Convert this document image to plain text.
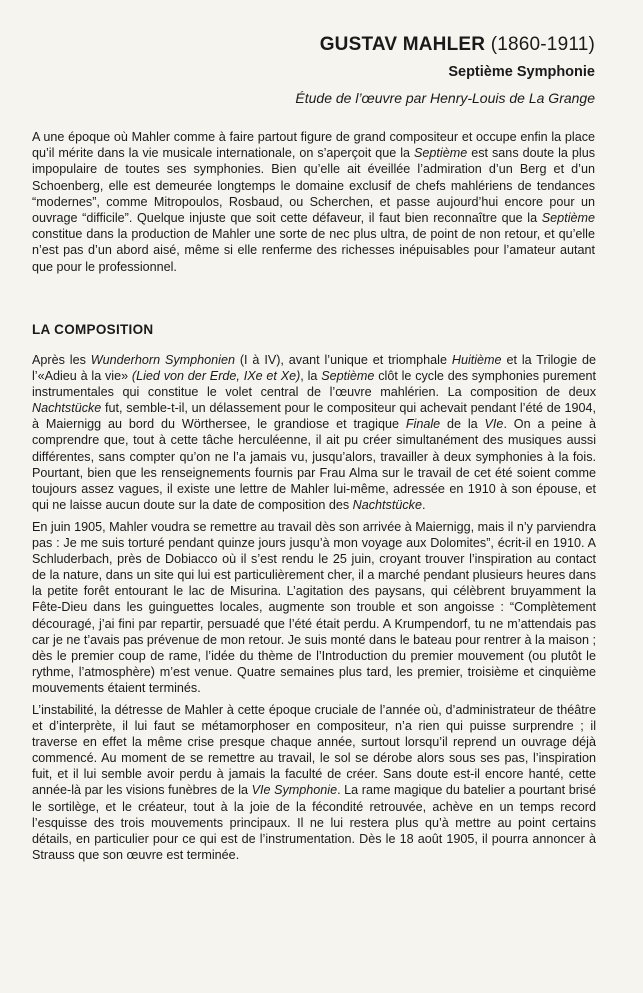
GUSTAV MAHLER (1860-1911)
Septième Symphonie
Étude de l’œuvre par Henry-Louis de La Grange

A une époque où Mahler comme à faire partout figure de grand compositeur et occupe enfin la place qu’il mérite dans la vie musicale internationale, on s’aperçoit que la Septième est sans doute la plus impopulaire de toutes ses symphonies. Bien qu’elle ait éveillée l’admiration d’un Berg et d’un Schoenberg, elle est demeurée longtemps le domaine exclusif de chefs mahlériens de tendances “modernes”, comme Mitropoulos, Rosbaud, ou Scherchen, et passe aujourd’hui encore pour un ouvrage “difficile”. Quelque injuste que soit cette défaveur, il faut bien reconnaître que la Septième constitue dans la production de Mahler une sorte de nec plus ultra, de point de non retour, et qu’elle n’est pas d’un abord aisé, même si elle renferme des richesses inépuisables pour l’amateur autant que pour le professionnel.

LA COMPOSITION

Après les Wunderhorn Symphonien (I à IV), avant l’unique et triomphale Huitième et la Trilogie de l’«Adieu à la vie» (Lied von der Erde, IXe et Xe), la Septième clôt le cycle des symphonies purement instrumentales qui constitue le volet central de l’œuvre mahlérien. La composition de deux Nachtstücke fut, semble-t-il, un délassement pour le compositeur qui achevait pendant l’été de 1904, à Maiernigg au bord du Wörthersee, le grandiose et tragique Finale de la VIe. On a peine à comprendre que, tout à cette tâche herculéenne, il ait pu créer simultanément des musiques aussi différentes, sans compter qu’on ne l’a jamais vu, jusqu’alors, travailler à deux symphonies à la fois. Pourtant, bien que les renseignements fournis par Frau Alma sur le travail de cet été soient comme toujours assez vagues, il existe une lettre de Mahler lui-même, adressée en 1910 à son épouse, et qui ne laisse aucun doute sur la date de composition des Nachtstücke.

En juin 1905, Mahler voudra se remettre au travail dès son arrivée à Maiernigg, mais il n’y parviendra pas : Je me suis torturé pendant quinze jours jusqu’à mon voyage aux Dolomites”, écrit-il en 1910. A Schluderbach, près de Dobiacco où il s’est rendu le 25 juin, croyant trouver l’inspiration au contact de la nature, dans un site qui lui est particulièrement cher, il a marché pendant plusieurs heures dans la petite forêt entourant le lac de Misurina. L’agitation des paysans, qui célèbrent bruyamment la Fête-Dieu dans les guinguettes locales, augmente son trouble et son angoisse : “Complètement découragé, j’ai fini par repartir, persuadé que l’été était perdu. A Krumpendorf, tu ne m’attendais pas car je ne t’avais pas prévenue de mon retour. Je suis monté dans le bateau pour rentrer à la maison ; dès le premier coup de rame, l’idée du thème de l’Introduction du premier mouvement (ou plutôt le rythme, l’atmosphère) m’est venue. Quatre semaines plus tard, les premier, troisième et cinquième mouvements étaient terminés.

L’instabilité, la détresse de Mahler à cette époque cruciale de l’année où, d’administrateur de théâtre et d’interprète, il lui faut se métamorphoser en compositeur, n’a rien qui puisse surprendre ; il traverse en effet la même crise presque chaque année, surtout lorsqu’il reprend un ouvrage déjà commencé. Au moment de se remettre au travail, le sol se dérobe alors sous ses pas, l’inspiration fuit, et il lui semble avoir perdu à jamais la faculté de créer. Sans doute est-il encore hanté, cette année-là par les visions funèbres de la VIe Symphonie. La rame magique du batelier a pourtant brisé le sortilège, et le créateur, tout à la joie de la fécondité retrouvée, achève en un temps record l’esquisse des trois mouvements principaux. Il ne lui restera plus qu’à mettre au point certains détails, en particulier pour ce qui est de l’instrumentation. Dès le 18 août 1905, il pourra annoncer à Strauss que son œuvre est terminée.
